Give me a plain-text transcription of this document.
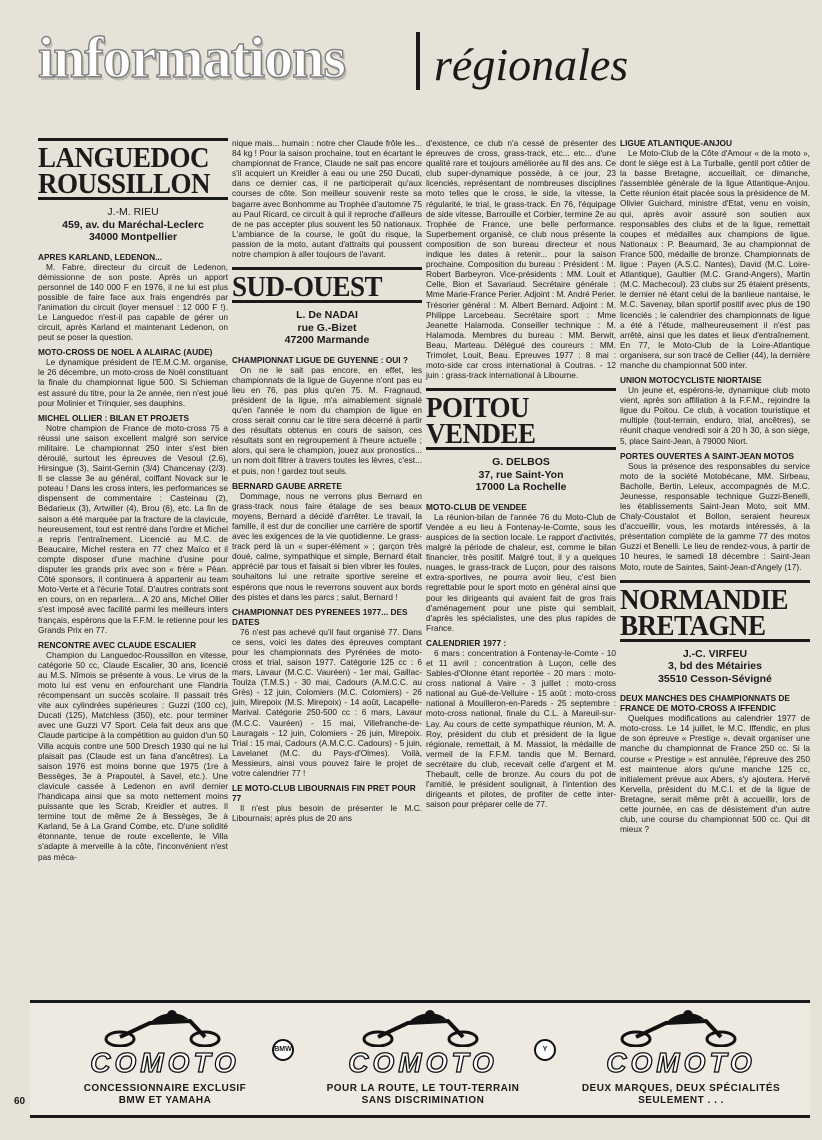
informations régionales
LANGUEDOC
ROUSSILLON
J.-M. RIEU
459, av. du Maréchal-Leclerc
34000 Montpellier
APRES KARLAND, LEDENON...

M. Fabre, directeur du circuit de Ledenon, démissionne de son poste. Après un apport personnel de 140 000 F en 1976, il ne lui est plus possible de faire face aux frais engendrés par l'animation du circuit (loyer mensuel : 12 000 F !). Le Languedoc n'est-il pas capable de gérer un circuit, après Karland et maintenant Ledenon, on peut se poser la question.

MOTO-CROSS DE NOEL A ALAIRAC (AUDE)

Le dynamique président de l'E.M.C.M. organise, le 26 décembre, un moto-cross de Noël constituant la finale du championnat ligue 500. Si Schieman est assuré du titre, pour la 2e année, rien n'est joué pour Molinier et Trinquier, ses dauphins.

MICHEL OLLIER : BILAN ET PROJETS

Notre champion de France de moto-cross 75 a réussi une saison excellent malgré son service militaire. Le championnat 250 inter s'est bien déroulé, surtout les épreuves de Vesoul (2.6), Hirsingue (3), Saint-Gernin (3/4) Chancenay (2/3). Il se classe 3e au général, coiffant Novack sur le poteau ! Dans les cross inters, les performances se dispensent de commentaire : Casteinau (2), Bédarieux (3), Artwiller (4), Brou (6), etc. La fin de saison a été marquée par la fracture de la clavicule, heureusement, tout est rentré dans l'ordre et Michel a repris l'entraînement. Licencié au M.C. de Beaucaire, Michel restera en 77 chez Maïco et il compte disposer d'une machine d'usine pour disputer les grands prix avec son « frère » Péan. Côté sponsors, il continuera à appartenir au team Moto-Verte et à l'écurie Total. D'autres contrats sont en cours, on en reparlera... A 20 ans, Michel Ollier s'est imposé avec facilité parmi les meilleurs inters français, espérons que la F.F.M. le retienne pour les Grands Prix en 77.

RENCONTRE AVEC CLAUDE ESCALIER

Champion du Languedoc-Roussillon en vitesse, catégorie 50 cc, Claude Escalier, 30 ans, licencié au M.S. Nîmois se présente à vous. Le virus de la moto lui est venu en enfourchant une Flandria récompensant un succès scolaire. Il passait très vite aux cylindrées supérieures : Guzzi (100 cc), Ducati (125), Matchless (350), etc. pour terminer avec une Guzzi V7 Sport. Cela fait deux ans que Claude participe à la compétition au guidon d'un 50 Villa acquis contre une 500 Dresch 1930 qui ne lui plaisait pas (Claude est un fana d'ancêtres). La saison 1976 est moins bonne que 1975 (1re à Bessèges, 3e à Prapoutel, à Savel, etc.). Une clavicule cassée à Ledenon en avril dernier l'handicapa ainsi que sa moto nettement moins puissante que les Scrab, Kreidler et autres. Il termine tout de même 2e à Bessèges, 3e à Karland, 5e à La Grand Combe, etc. D'une solidité étonnante, tenue de route excellente, le Villa s'adapte à merveille à la côte, l'inconvénient n'est pas méca-

nique mais... humain : notre cher Claude frôle les... 84 kg ! Pour la saison prochaine, tout en écartant le championnat de France, Claude ne sait pas encore s'il acquiert un Kreidler à eau ou une 250 Ducati, dans ce dernier cas, il ne participerait qu'aux courses de côte. Son meilleur souvenir reste sa bagarre avec Bonhomme au Trophée d'automne 75 au Paul Ricard, ce circuit à qui il reproche d'ailleurs de ne pas accepter plus souvent les 50 nationaux. L'ambiance de la course, le goût du risque, la passion de la moto, autant d'attraits qui poussent notre champion à aller toujours de l'avant.

SUD-OUEST
L. De NADAI
rue G.-Bizet
47200 Marmande
CHAMPIONNAT LIGUE DE GUYENNE : OUI ?

On ne le sait pas encore, en effet, les championnats de la ligue de Guyenne n'ont pas eu lieu en 76, pas plus qu'en 75. M. Fragnaud, président de la ligue, m'a aimablement signalé qu'en l'année le nom du champion de ligue en cross serait connu car le titre sera décerné à partir des résultats obtenus en cours de saison, ces résultats sont en regroupement à l'heure actuelle ; alors, qui sera le champion, jouez aux pronostics... un nom doit filtrer à travers toutes les lèvres, c'est... et puis, non ! gardez tout seuls.

BERNARD GAUBE ARRETE

Dommage, nous ne verrons plus Bernard en grass-track nous faire étalage de ses beaux moyens, Bernard a décidé d'arrêter. Le travail, la famille, il est dur de concilier une carrière de sportif avec les exigences de la vie quotidienne. Le grass-track perd là un « super-élément » ; garçon très doué, calme, sympathique et simple, Bernard était apprécié par tous et faisait si bien vibrer les foules, souhaitons lui une retraite sportive sereine et espérons que nous le reverrons souvent aux bords des pistes et dans les parcs ; salut, Bernard !

CHAMPIONNAT DES PYRENEES 1977... DES DATES

76 n'est pas achevé qu'il faut organisé 77. Dans ce sens, voici les dates des épreuves comptant pour les championnats des Pyrénées de moto-cross et trial, saison 1977. Catégorie 125 cc : 6 mars, Lavaur (M.C.C. Vauréen) - 1er mai, Gaillac-Toulza (T.M.S.) - 30 mai, Cadours (A.M.C.C. au Grès) - 12 juin, Colomiers (M.C. Colomiers) - 26 juin, Mirepoix (M.S. Mirepoix) - 14 août, Lacapelle-Marival. Catégorie 250-500 cc : 6 mars, Lavaur (M.C.C. Vauréen) - 15 mai, Villefranche-de-Lauragais - 12 juin, Colomiers - 26 juin, Mirepoix. Trial : 15 mai, Cadours (A.M.C.C. Cadours) - 5 juin, Lavelanet (M.C. du Pays-d'Olmes). Voilà, Messieurs, ainsi vous pouvez faire le projet de votre calendrier 77 !

LE MOTO-CLUB LIBOURNAIS FIN PRET POUR 77

Il n'est plus besoin de présenter le M.C. Libournais; après plus de 20 ans

d'existence, ce club n'a cessé de présenter des épreuves de cross, grass-track, etc... etc... d'une qualité rare et toujours améliorée au fil des ans. Ce club super-dynamique possède, à ce jour, 23 licenciés, représentant de nombreuses disciplines moto telles que le cross, le side, la vitesse, la régularité, le trial, le grass-track. En 76, l'équipage de side vitesse, Barrouille et Corbier, termine 2e au Trophée de France, une belle performance. Superbement organisé, ce club nous présente la composition de son bureau directeur et nous indique les dates à retenir... pour la saison prochaine. Composition du bureau : Président : M. Robert Barbeyron. Vice-présidents : MM. Louit et Celle, Bion et Savariaud. Secrétaire générale : Mme Marie-France Perier. Adjoint : M. André Perier. Trésorier général : M. Albert Bernard. Adjoint : M. Philippe Larcebeau. Secrétaire sport : Mme Jeanette Halamoda. Conseiller technique : M. Halamoda. Membres du bureau : MM. Berwit, Beau, Marteau. Délégué des coureurs : MM. Trimolet, Louit, Beau. Epreuves 1977 : 8 mai : moto-side car cross international à Coutras. - 12 juin : grass-track international à Libourne.

POITOU
VENDEE
G. DELBOS
37, rue Saint-Yon
17000 La Rochelle
MOTO-CLUB DE VENDEE

La réunion-bilan de l'année 76 du Moto-Club de Vendée a eu lieu à Fontenay-le-Comte, sous les auspices de la section locale. Le rapport d'activités, malgré la période de chaleur, est, comme le bilan financier, très positif. Malgré tout, il y a quelques nuages, le grass-track de Luçon, pour des raisons extra-sportives, ne pourra avoir lieu, c'est bien regrettable pour le sport moto en général ainsi que pour les dirigeants qui avaient fait de gros frais d'aménagement pour une piste qui semblait, d'après les spécialistes, une des plus rapides de France.

CALENDRIER 1977 :

6 mars : concentration à Fontenay-le-Comte - 10 et 11 avril : concentration à Luçon, celle des Sables-d'Olonne étant reportée - 20 mars : moto-cross national à Vaire - 3 juillet : moto-cross national au Gué-de-Velluire - 15 août : moto-cross national à Mouilleron-en-Pareds - 25 septembre : moto-cross national, finale du C.L. à Mareuil-sur-Lay. Au cours de cette sympathique réunion, M. A. Roy, président du club et président de la ligue régionale, remettait, à M. Massiot, la médaille de vermeil de la F.F.M. tandis que M. Bernard, secrétaire du club, recevait celle d'argent et M. Thebault, celle de bronze. Au cours du pot de l'amitié, le président soulignait, à l'intention des dirigeants et pilotes, de profiter de cette inter-saison pour préparer celle de 77.

LIGUE ATLANTIQUE-ANJOU

Le Moto-Club de la Côte d'Amour « de la moto », dont le siège est à La Turballe, gentil port côtier de la basse Bretagne, accueillait, ce dimanche, l'assemblée générale de la ligue Atlantique-Anjou. Cette réunion était placée sous la présidence de M. Olivier Guichard, ministre d'Etat, venu en voisin, qui, après avoir assuré son soutien aux responsables des clubs et de la ligue, remettait coupes et médailles aux champions de ligue. Nationaux : P. Beaumard, 3e au championnat de France 500, médaille de bronze. Championnats de ligue : Payen (A.S.C. Nantes), David (M.C. Loire-Atlantique), Gaultier (M.C. Grand-Angers), Martin (M.C. Machecoul). 23 clubs sur 25 étaient présents, le dernier né étant celui de la banlieue nantaise, le M.C. Savenay, bilan sportif positif avec plus de 190 licenciés ; le calendrier des championnats de ligue a été à l'étude, malheureusement il n'est pas arrêté, ainsi que les dates et lieux d'entraînement. En 77, le Moto-Club de la Loire-Atlantique organisera, sur son tracé de Cellier (44), la dernière manche du championnat 500 inter.

UNION MOTOCYCLISTE NIORTAISE

Un jeune et, espérons-le, dynamique club moto vient, après son affiliation à la F.F.M., rejoindre la ligue du Poitou. Ce club, à vocation touristique et multiple (tout-terrain, enduro, trial, ancêtres), se réunit chaque vendredi soir à 20 h 30, à son siège, 5, place Saint-Jean, à 79000 Niort.

PORTES OUVERTES A SAINT-JEAN MOTOS

Sous la présence des responsables du service moto de la société Motobécane, MM. Sirbeau, Bacholle, Bertin, Leleux, accompagnés de M.C. Jeunesse, responsable technique Guzzi-Benelli, les établissements Saint-Jean Moto, soit MM. Chaly-Coustalot et Bollon, seraient heureux d'accueillir, vous, les motards intéressés, à la présentation complète de la gamme 77 des motos Guzzi et Benelli. Le lieu de rendez-vous, à partir de 10 heures, le samedi 18 décembre : Saint-Jean Moto, route de Saintes, Saint-Jean-d'Angely (17).

NORMANDIE
BRETAGNE
J.-C. VIRFEU
3, bd des Métairies
35510 Cesson-Sévigné
DEUX MANCHES DES CHAMPIONNATS DE FRANCE DE MOTO-CROSS A IFFENDIC

Quelques modifications au calendrier 1977 de moto-cross. Le 14 juillet, le M.C. Iffendic, en plus de son épreuve « Prestige », devait organiser une manche du championnat de France 250 cc. Si la course « Prestige » est annulée, l'épreuve des 250 est maintenue alors qu'une manche 125 cc, initialement prévue aux Abers, s'y ajoutera. Hervé Kervella, président du M.C.I. et de la ligue de Bretagne, serait même prêt à accueillir, lors de cette journée, en cas de désistement d'un autre club, une course du championnat 500 cc. Qui dit mieux ?

COMOTO
CONCESSIONNAIRE EXCLUSIF
BMW ET YAMAHA
BMW	COMOTO
POUR LA ROUTE, LE TOUT-TERRAIN
SANS DISCRIMINATION
Y	COMOTO
DEUX MARQUES, DEUX SPÉCIALITÉS
SEULEMENT . . .
60
